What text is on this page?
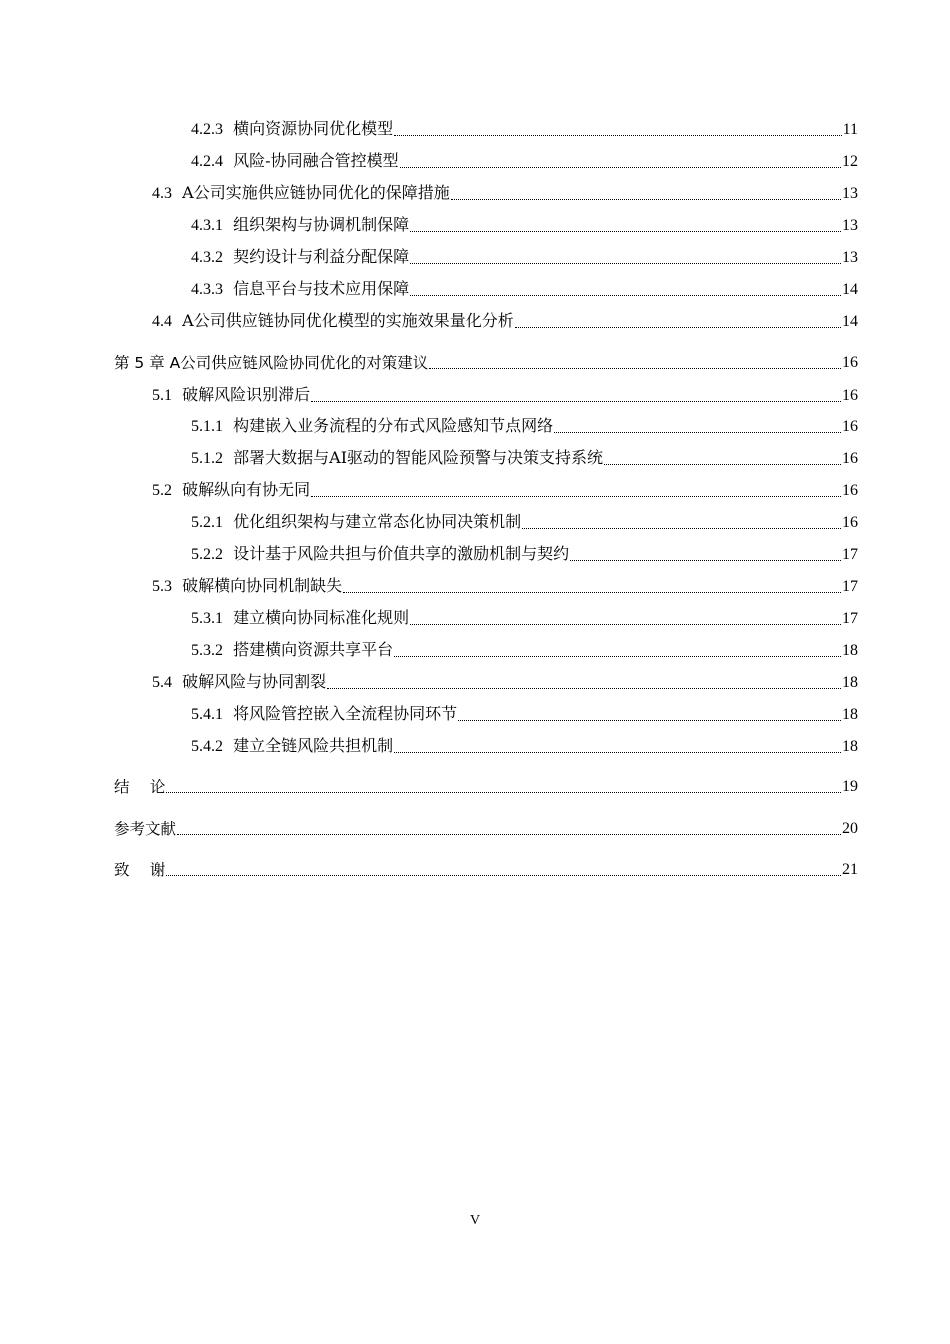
4.2.3 横向资源协同优化模型	11
4.2.4 风险-协同融合管控模型	12
4.3 A公司实施供应链协同优化的保障措施	13
4.3.1 组织架构与协调机制保障	13
4.3.2 契约设计与利益分配保障	13
4.3.3 信息平台与技术应用保障	14
4.4 A公司供应链协同优化模型的实施效果量化分析	14
第 5 章 A公司供应链风险协同优化的对策建议	16
5.1 破解风险识别滞后	16
5.1.1 构建嵌入业务流程的分布式风险感知节点网络	16
5.1.2 部署大数据与AI驱动的智能风险预警与决策支持系统	16
5.2 破解纵向有协无同	16
5.2.1 优化组织架构与建立常态化协同决策机制	16
5.2.2 设计基于风险共担与价值共享的激励机制与契约	17
5.3 破解横向协同机制缺失	17
5.3.1 建立横向协同标准化规则	17
5.3.2 搭建横向资源共享平台	18
5.4 破解风险与协同割裂	18
5.4.1 将风险管控嵌入全流程协同环节	18
5.4.2 建立全链风险共担机制	18
结　 论	19
参考文献	20
致　 谢	21
V
